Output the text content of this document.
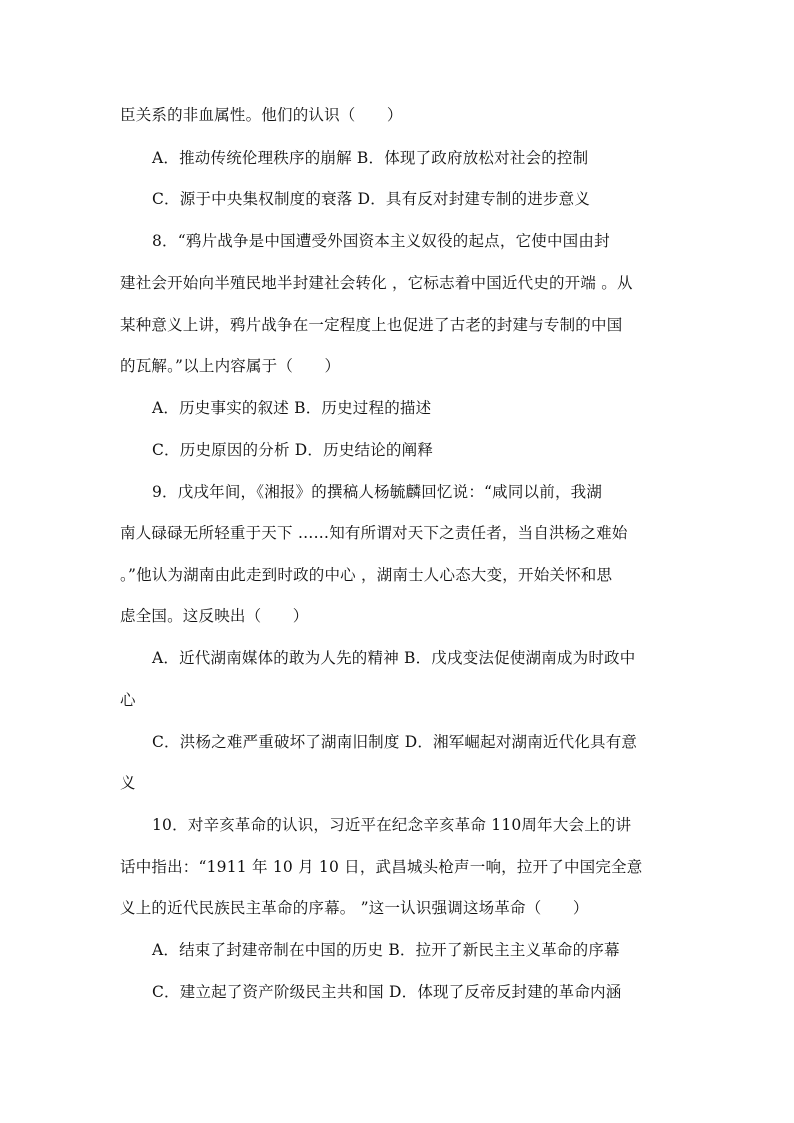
臣关系的非血属性。他们的认识（　　）
A．推动传统伦理秩序的崩解 B．体现了政府放松对社会的控制
C．源于中央集权制度的衰落 D．具有反对封建专制的进步意义
8．“鸦片战争是中国遭受外国资本主义奴役的起点，它使中国由封
建社会开始向半殖民地半封建社会转化 ，它标志着中国近代史的开端 。从
某种意义上讲，鸦片战争在一定程度上也促进了古老的封建与专制的中国
的瓦解。”以上内容属于（　　）
A．历史事实的叙述 B．历史过程的描述
C．历史原因的分析 D．历史结论的阐释
9．戊戌年间，《湘报》的撰稿人杨毓麟回忆说：“咸同以前，我湖
南人碌碌无所轻重于天下 ……知有所谓对天下之责任者，当自洪杨之难始
。”他认为湖南由此走到时政的中心 ，湖南士人心态大变，开始关怀和思
虑全国。这反映出（　　）
A．近代湖南媒体的敢为人先的精神 B．戊戌变法促使湖南成为时政中
心
C．洪杨之难严重破坏了湖南旧制度 D．湘军崛起对湖南近代化具有意
义
10．对辛亥革命的认识，习近平在纪念辛亥革命 110周年大会上的讲
话中指出：“1911 年 10 月 10 日，武昌城头枪声一响，拉开了中国完全意
义上的近代民族民主革命的序幕。 ”这一认识强调这场革命（　　）
A．结束了封建帝制在中国的历史 B．拉开了新民主主义革命的序幕
C．建立起了资产阶级民主共和国 D．体现了反帝反封建的革命内涵
